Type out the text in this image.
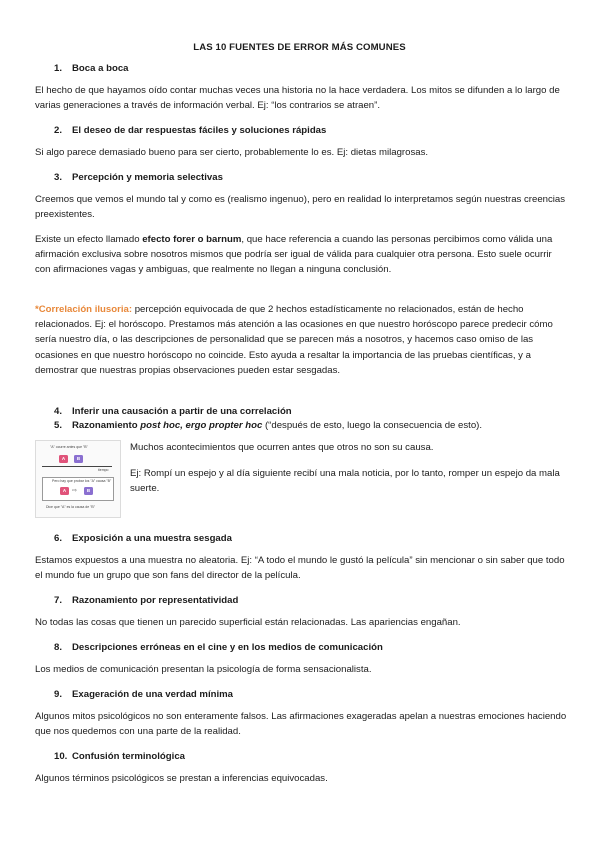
LAS 10 FUENTES DE ERROR MÁS COMUNES
1. Boca a boca
El hecho de que hayamos oído contar muchas veces una historia no la hace verdadera. Los mitos se difunden a lo largo de varias generaciones a través de información verbal. Ej: “los contrarios se atraen”.
2. El deseo de dar respuestas fáciles y soluciones rápidas
Si algo parece demasiado bueno para ser cierto, probablemente lo es. Ej: dietas milagrosas.
3. Percepción y memoria selectivas
Creemos que vemos el mundo tal y como es (realismo ingenuo), pero en realidad lo interpretamos según nuestras creencias preexistentes.
Existe un efecto llamado efecto forer o barnum, que hace referencia a cuando las personas percibimos como válida una afirmación exclusiva sobre nosotros mismos que podría ser igual de válida para cualquier otra persona. Esto suele ocurrir con afirmaciones vagas y ambiguas, que realmente no llegan a ninguna conclusión.
*Correlación ilusoria: percepción equivocada de que 2 hechos estadísticamente no relacionados, están de hecho relacionados. Ej: el horóscopo. Prestamos más atención a las ocasiones en que nuestro horóscopo parece predecir cómo sería nuestro día, o las descripciones de personalidad que se parecen más a nosotros, y hacemos caso omiso de las ocasiones en que nuestro horóscopo no coincide. Esto ayuda a resaltar la importancia de las pruebas científicas, y a demostrar que nuestras propias observaciones pueden estar sesgadas.
4. Inferir una causación a partir de una correlación
5. Razonamiento post hoc, ergo propter hoc (“después de esto, luego la consecuencia de esto).
"A" ocurre antes que "B"
A	B
tiempo
Pero hay que probar los "A" causa "B"
A ⇨	B
Dice que "A" es la causa de "B"
Muchos acontecimientos que ocurren antes que otros no son su causa.
Ej: Rompí un espejo y al día siguiente recibí una mala noticia, por lo tanto, romper un espejo da mala suerte.
6. Exposición a una muestra sesgada
Estamos expuestos a una muestra no aleatoria. Ej: “A todo el mundo le gustó la película” sin mencionar o sin saber que todo el mundo fue un grupo que son fans del director de la película.
7. Razonamiento por representatividad
No todas las cosas que tienen un parecido superficial están relacionadas. Las apariencias engañan.
8. Descripciones erróneas en el cine y en los medios de comunicación
Los medios de comunicación presentan la psicología de forma sensacionalista.
9. Exageración de una verdad mínima
Algunos mitos psicológicos no son enteramente falsos. Las afirmaciones exageradas apelan a nuestras emociones haciendo que nos quedemos con una parte de la realidad.
10. Confusión terminológica
Algunos términos psicológicos se prestan a inferencias equivocadas.
